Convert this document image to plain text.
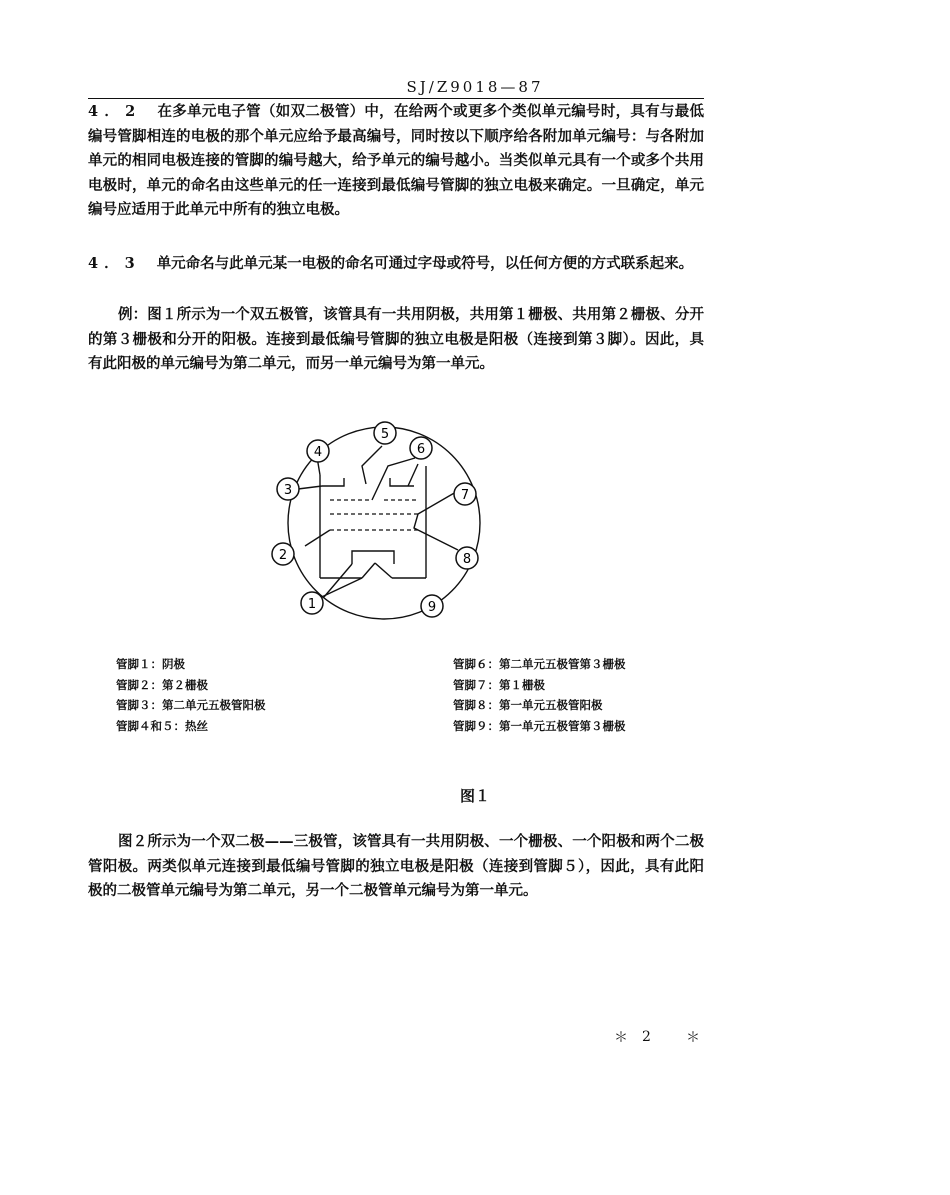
SJ/Z9018—87
4．2 在多单元电子管（如双二极管）中，在给两个或更多个类似单元编号时，具有与最低编号管脚相连的电极的那个单元应给予最高编号，同时按以下顺序给各附加单元编号：与各附加单元的相同电极连接的管脚的编号越大，给予单元的编号越小。当类似单元具有一个或多个共用电极时，单元的命名由这些单元的任一连接到最低编号管脚的独立电极来确定。一旦确定，单元编号应适用于此单元中所有的独立电极。
4．3 单元命名与此单元某一电极的命名可通过字母或符号，以任何方便的方式联系起来。
例：图１所示为一个双五极管，该管具有一共用阴极，共用第１栅极、共用第２栅极、分开的第３栅极和分开的阳极。连接到最低编号管脚的独立电极是阳极（连接到第３脚）。因此，具有此阳极的单元编号为第二单元，而另一单元编号为第一单元。
1
2
3
4
5
6
7
8
9
管脚１：阴极
管脚２：第２栅极
管脚３：第二单元五极管阳极
管脚４和５：热丝
管脚６：第二单元五极管第３栅极
管脚７：第１栅极
管脚８：第一单元五极管阳极
管脚９：第一单元五极管第３栅极
图１
图２所示为一个双二极——三极管，该管具有一共用阴极、一个栅极、一个阳极和两个二极管阳极。两类似单元连接到最低编号管脚的独立电极是阳极（连接到管脚５），因此，具有此阳极的二极管单元编号为第二单元，另一个二极管单元编号为第一单元。
＊ 2	＊
